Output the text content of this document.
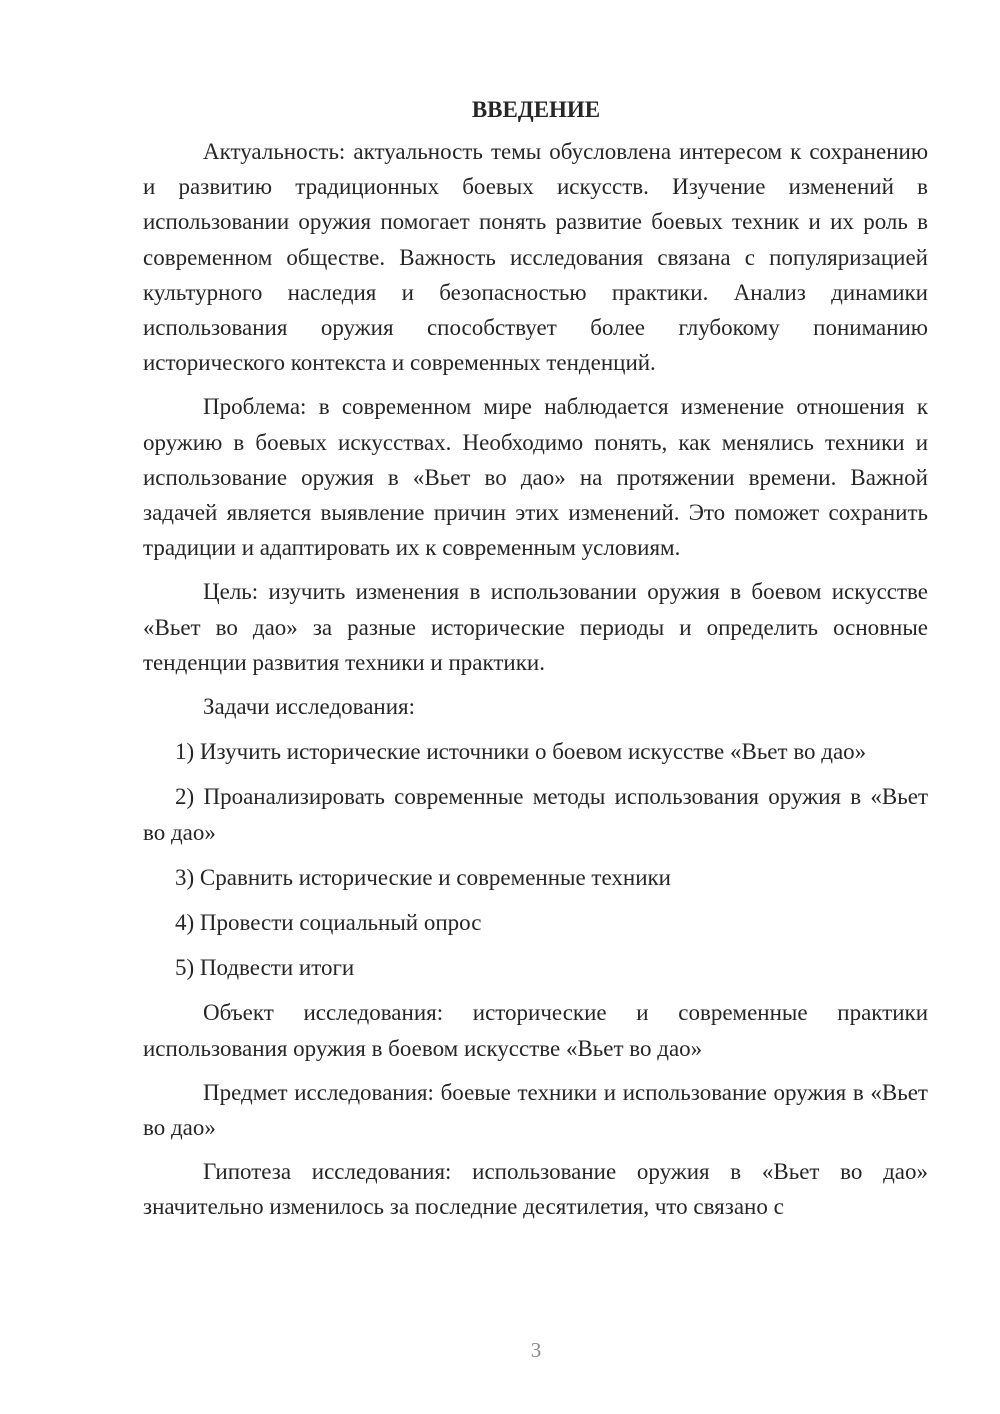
ВВЕДЕНИЕ

Актуальность: актуальность темы обусловлена интересом к сохранению и развитию традиционных боевых искусств. Изучение изменений в использовании оружия помогает понять развитие боевых техник и их роль в современном обществе. Важность исследования связана с популяризацией культурного наследия и безопасностью практики. Анализ динамики использования оружия способствует более глубокому пониманию исторического контекста и современных тенденций.

Проблема: в современном мире наблюдается изменение отношения к оружию в боевых искусствах. Необходимо понять, как менялись техники и использование оружия в «Вьет во дао» на протяжении времени. Важной задачей является выявление причин этих изменений. Это поможет сохранить традиции и адаптировать их к современным условиям.

Цель: изучить изменения в использовании оружия в боевом искусстве «Вьет во дао» за разные исторические периоды и определить основные тенденции развития техники и практики.

Задачи исследования:

1) Изучить исторические источники о боевом искусстве «Вьет во дао»

2) Проанализировать современные методы использования оружия в «Вьет во дао»

3) Сравнить исторические и современные техники

4) Провести социальный опрос

5) Подвести итоги

Объект исследования: исторические и современные практики использования оружия в боевом искусстве «Вьет во дао»

Предмет исследования: боевые техники и использование оружия в «Вьет во дао»

Гипотеза исследования: использование оружия в «Вьет во дао» значительно изменилось за последние десятилетия, что связано с

3
